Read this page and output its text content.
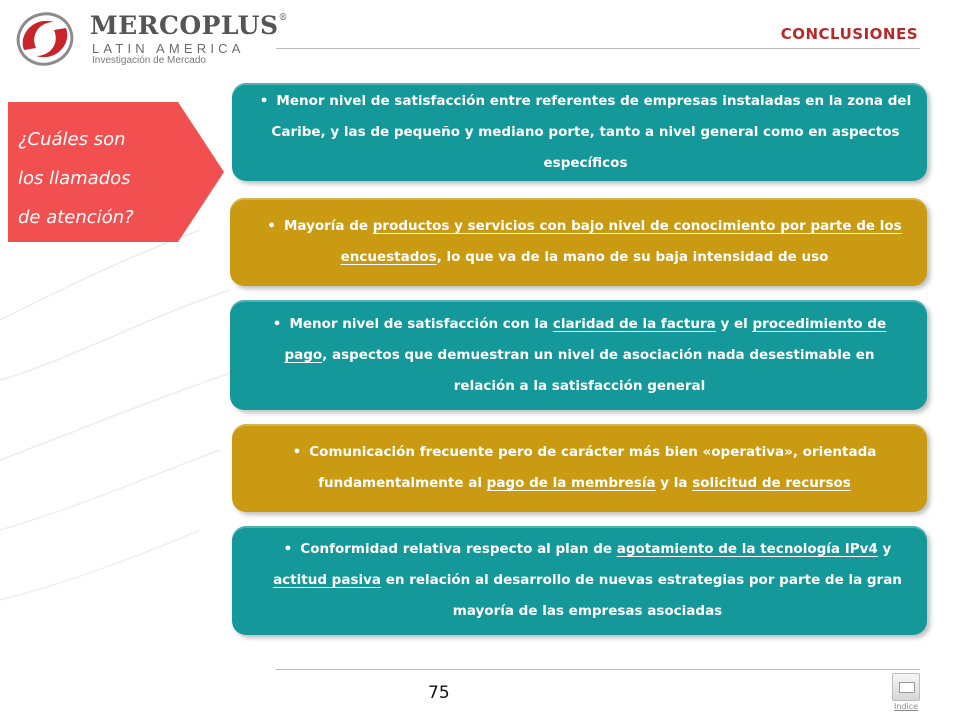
MERCOPLUS®
LATIN AMERICA
Investigación de Mercado
CONCLUSIONES
¿Cuáles son
los llamados
de atención?
• Menor nivel de satisfacción entre referentes de empresas instaladas en la zona del Caribe, y las de pequeño y mediano porte, tanto a nivel general como en aspectos específicos
• Mayoría de productos y servicios con bajo nivel de conocimiento por parte de los encuestados, lo que va de la mano de su baja intensidad de uso
• Menor nivel de satisfacción con la claridad de la factura y el procedimiento de pago, aspectos que demuestran un nivel de asociación nada desestimable en relación a la satisfacción general
• Comunicación frecuente pero de carácter más bien «operativa», orientada fundamentalmente al pago de la membresía y la solicitud de recursos
• Conformidad relativa respecto al plan de agotamiento de la tecnología IPv4 y actitud pasiva en relación al desarrollo de nuevas estrategias por parte de la gran mayoría de las empresas asociadas
75
Indice
